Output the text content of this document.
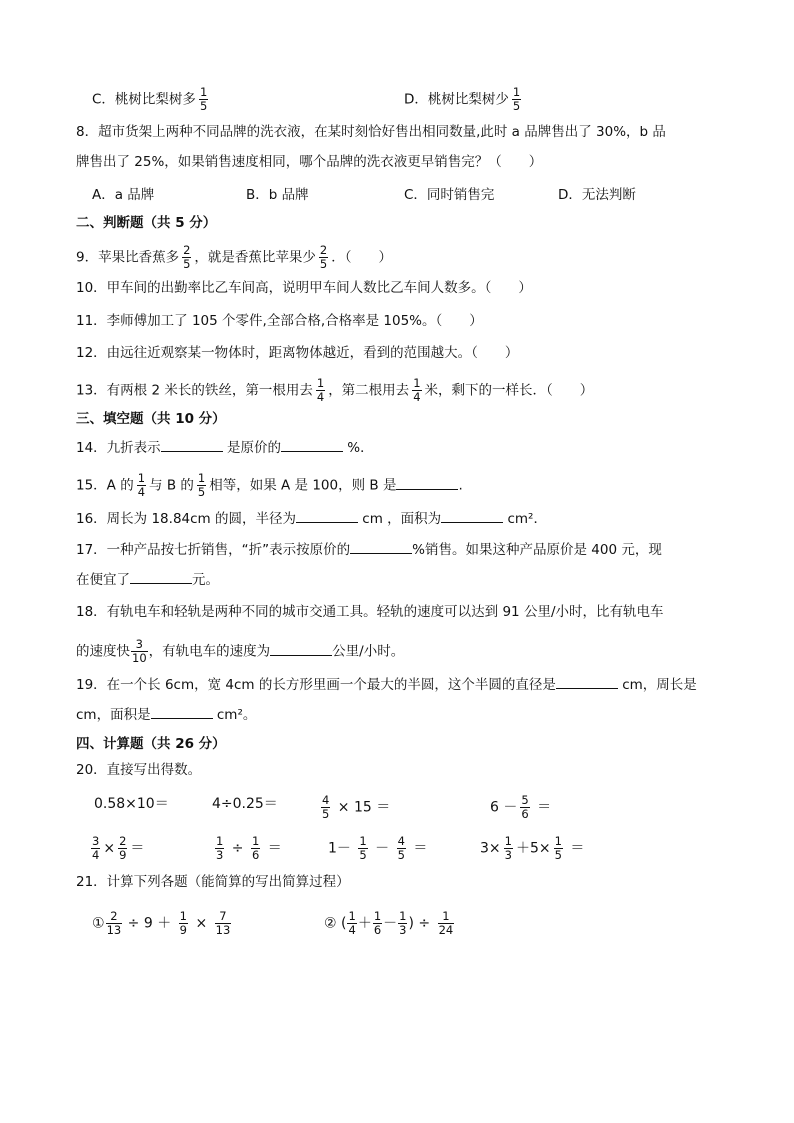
C．桃树比梨树多 $\frac{1}{5}$	D．桃树比梨树少 $\frac{1}{5}$
8．超市货架上两种不同品牌的洗衣液，在某时刻恰好售出相同数量,此时 a 品牌售出了 30%，b 品
牌售出了 25%，如果销售速度相同，哪个品牌的洗衣液更早销售完？（　　）
A．a 品牌	B．b 品牌	C．同时销售完	D．无法判断
二、判断题（共 5 分）
9．苹果比香蕉多 $\frac{2}{5}$ ，就是香蕉比苹果少 $\frac{2}{5}$ ．（　　）
10．甲车间的出勤率比乙车间高，说明甲车间人数比乙车间人数多。（　　）
11．李师傅加工了 105 个零件,全部合格,合格率是 105%。（　　）
12．由远往近观察某一物体时，距离物体越近，看到的范围越大。（　　）
13．有两根 2 米长的铁丝，第一根用去 $\frac{1}{4}$ ，第二根用去 $\frac{1}{4}$ 米，剩下的一样长．（　　）
三、填空题（共 10 分）
14．九折表示	是原价的	%．
15．A 的 $\frac{1}{4}$ 与 B 的 $\frac{1}{5}$ 相等，如果 A 是 100，则 B 是	.
16．周长为 18.84cm 的圆，半径为	cm ，面积为	cm²．
17．一种产品按七折销售，“折”表示按原价的	%销售。如果这种产品原价是 400 元，现
在便宜了	元。
18．有轨电车和轻轨是两种不同的城市交通工具。轻轨的速度可以达到 91 公里/小时，比有轨电车
的速度快 $\frac{3}{10}$ ，有轨电车的速度为	公里/小时。
19．在一个长 6cm，宽 4cm 的长方形里画一个最大的半圆，这个半圆的直径是	cm，周长是
cm，面积是	cm²。
四、计算题（共 26 分）
20．直接写出得数。
0.58×10＝	4÷0.25＝	$\frac{4}{5} \times 15$ ＝	$6 - \frac{5}{6}$ ＝
$\frac{3}{4} \times \frac{2}{9}$ ＝	$\frac{1}{3} \div \frac{1}{6}$ ＝	$1- \frac{1}{5} - \frac{4}{5}$ ＝	$3\times \frac{1}{3} +5\times \frac{1}{5}$ ＝
21．计算下列各题（能简算的写出简算过程）
① $\frac{2}{13} \div 9 + \frac{1}{9} \times \frac{7}{13}$	② ( $\frac{1}{4} + \frac{1}{6} - \frac{1}{3}$ ) ÷ $\frac{1}{24}$
